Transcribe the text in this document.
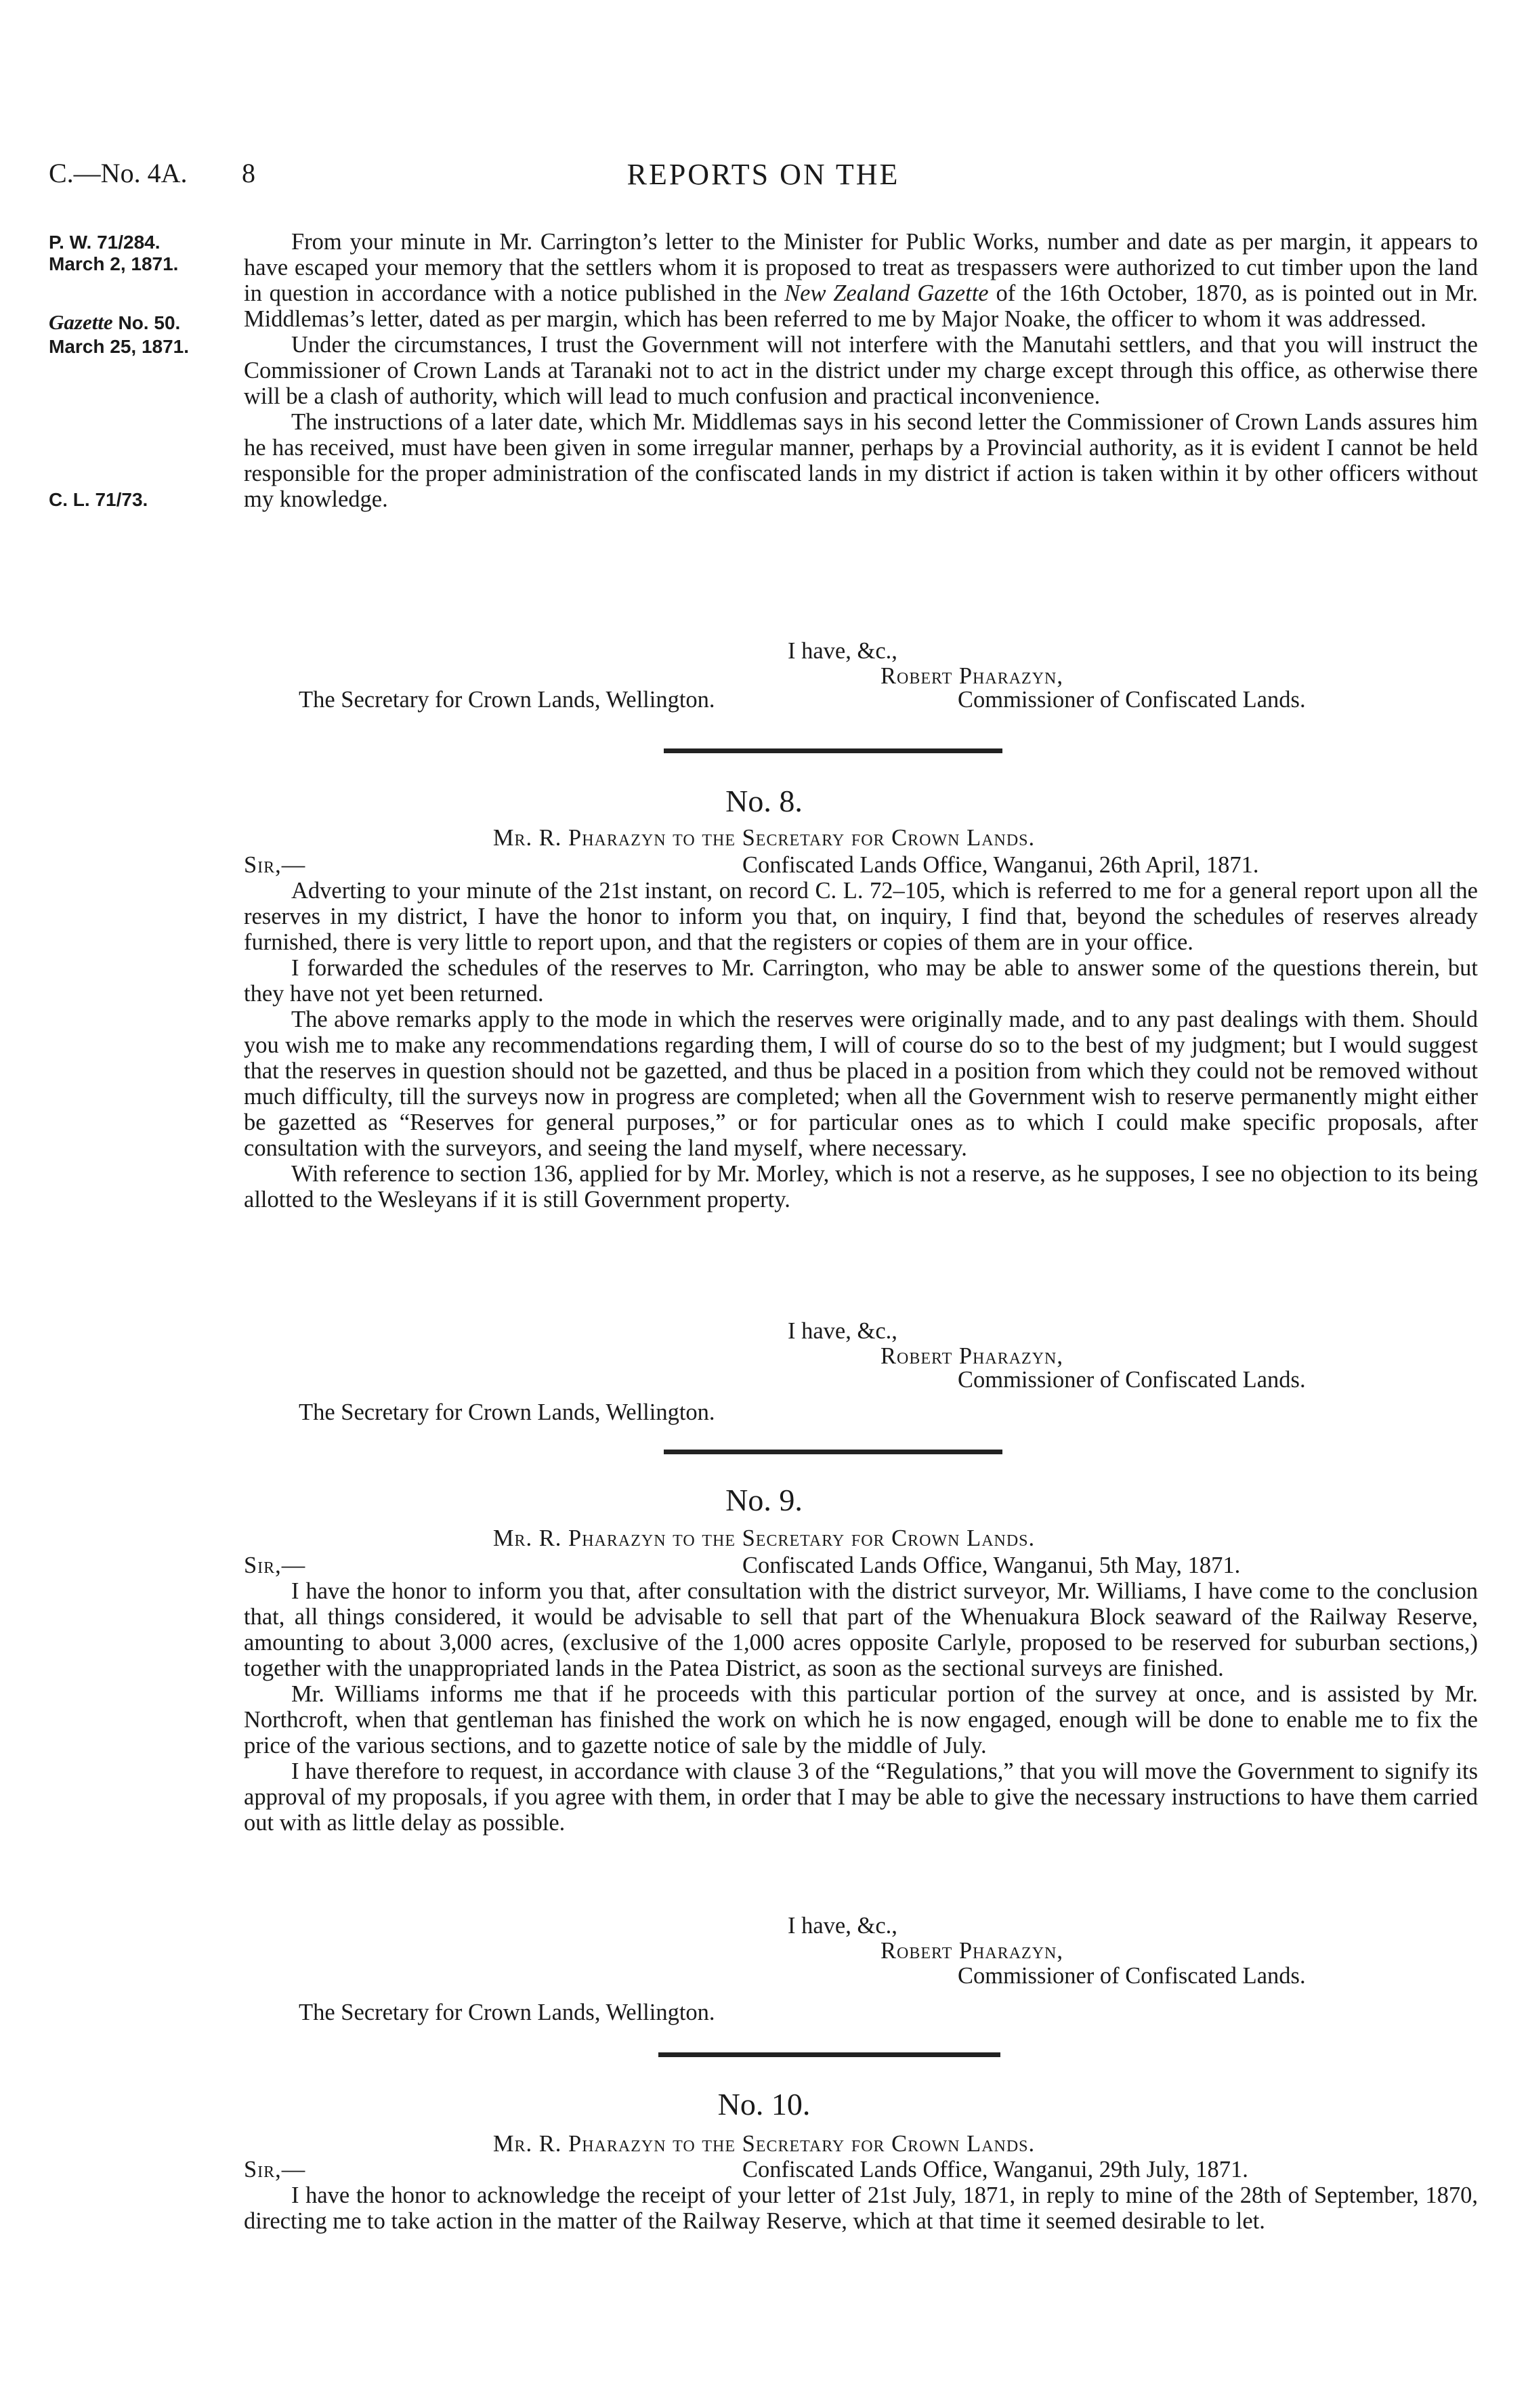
C.—No. 4A. 8	REPORTS ON THE
P. W. 71/284.
March 2, 1871.
Gazette No. 50.
March 25, 1871.
C. L. 71/73.

From your minute in Mr. Carrington’s letter to the Minister for Public Works, number and date as per margin, it appears to have escaped your memory that the settlers whom it is proposed to treat as trespassers were authorized to cut timber upon the land in question in accordance with a notice published in the New Zealand Gazette of the 16th October, 1870, as is pointed out in Mr. Middlemas’s letter, dated as per margin, which has been referred to me by Major Noake, the officer to whom it was addressed.

Under the circumstances, I trust the Government will not interfere with the Manutahi settlers, and that you will instruct the Commissioner of Crown Lands at Taranaki not to act in the district under my charge except through this office, as otherwise there will be a clash of authority, which will lead to much confusion and practical inconvenience.

The instructions of a later date, which Mr. Middlemas says in his second letter the Commissioner of Crown Lands assures him he has received, must have been given in some irregular manner, perhaps by a Provincial authority, as it is evident I cannot be held responsible for the proper administration of the confiscated lands in my district if action is taken within it by other officers without my knowledge.

I have, &c.,
Robert Pharazyn,
The Secretary for Crown Lands, Wellington.	Commissioner of Confiscated Lands.
No. 8.
Mr. R. Pharazyn to the Secretary for Crown Lands.
Sir,—	Confiscated Lands Office, Wanganui, 26th April, 1871.

Adverting to your minute of the 21st instant, on record C. L. 72–105, which is referred to me for a general report upon all the reserves in my district, I have the honor to inform you that, on inquiry, I find that, beyond the schedules of reserves already furnished, there is very little to report upon, and that the registers or copies of them are in your office.

I forwarded the schedules of the reserves to Mr. Carrington, who may be able to answer some of the questions therein, but they have not yet been returned.

The above remarks apply to the mode in which the reserves were originally made, and to any past dealings with them. Should you wish me to make any recommendations regarding them, I will of course do so to the best of my judgment; but I would suggest that the reserves in question should not be gazetted, and thus be placed in a position from which they could not be removed without much difficulty, till the surveys now in progress are completed; when all the Government wish to reserve permanently might either be gazetted as “Reserves for general purposes,” or for particular ones as to which I could make specific proposals, after consultation with the surveyors, and seeing the land myself, where necessary.

With reference to section 136, applied for by Mr. Morley, which is not a reserve, as he supposes, I see no objection to its being allotted to the Wesleyans if it is still Government property.

I have, &c.,
Robert Pharazyn,
Commissioner of Confiscated Lands.
The Secretary for Crown Lands, Wellington.
No. 9.
Mr. R. Pharazyn to the Secretary for Crown Lands.
Sir,—	Confiscated Lands Office, Wanganui, 5th May, 1871.

I have the honor to inform you that, after consultation with the district surveyor, Mr. Williams, I have come to the conclusion that, all things considered, it would be advisable to sell that part of the Whenuakura Block seaward of the Railway Reserve, amounting to about 3,000 acres, (exclusive of the 1,000 acres opposite Carlyle, proposed to be reserved for suburban sections,) together with the unappropriated lands in the Patea District, as soon as the sectional surveys are finished.

Mr. Williams informs me that if he proceeds with this particular portion of the survey at once, and is assisted by Mr. Northcroft, when that gentleman has finished the work on which he is now engaged, enough will be done to enable me to fix the price of the various sections, and to gazette notice of sale by the middle of July.

I have therefore to request, in accordance with clause 3 of the “Regulations,” that you will move the Government to signify its approval of my proposals, if you agree with them, in order that I may be able to give the necessary instructions to have them carried out with as little delay as possible.

I have, &c.,
Robert Pharazyn,
Commissioner of Confiscated Lands.
The Secretary for Crown Lands, Wellington.
No. 10.
Mr. R. Pharazyn to the Secretary for Crown Lands.
Sir,—	Confiscated Lands Office, Wanganui, 29th July, 1871.

I have the honor to acknowledge the receipt of your letter of 21st July, 1871, in reply to mine of the 28th of September, 1870, directing me to take action in the matter of the Railway Reserve, which at that time it seemed desirable to let.
